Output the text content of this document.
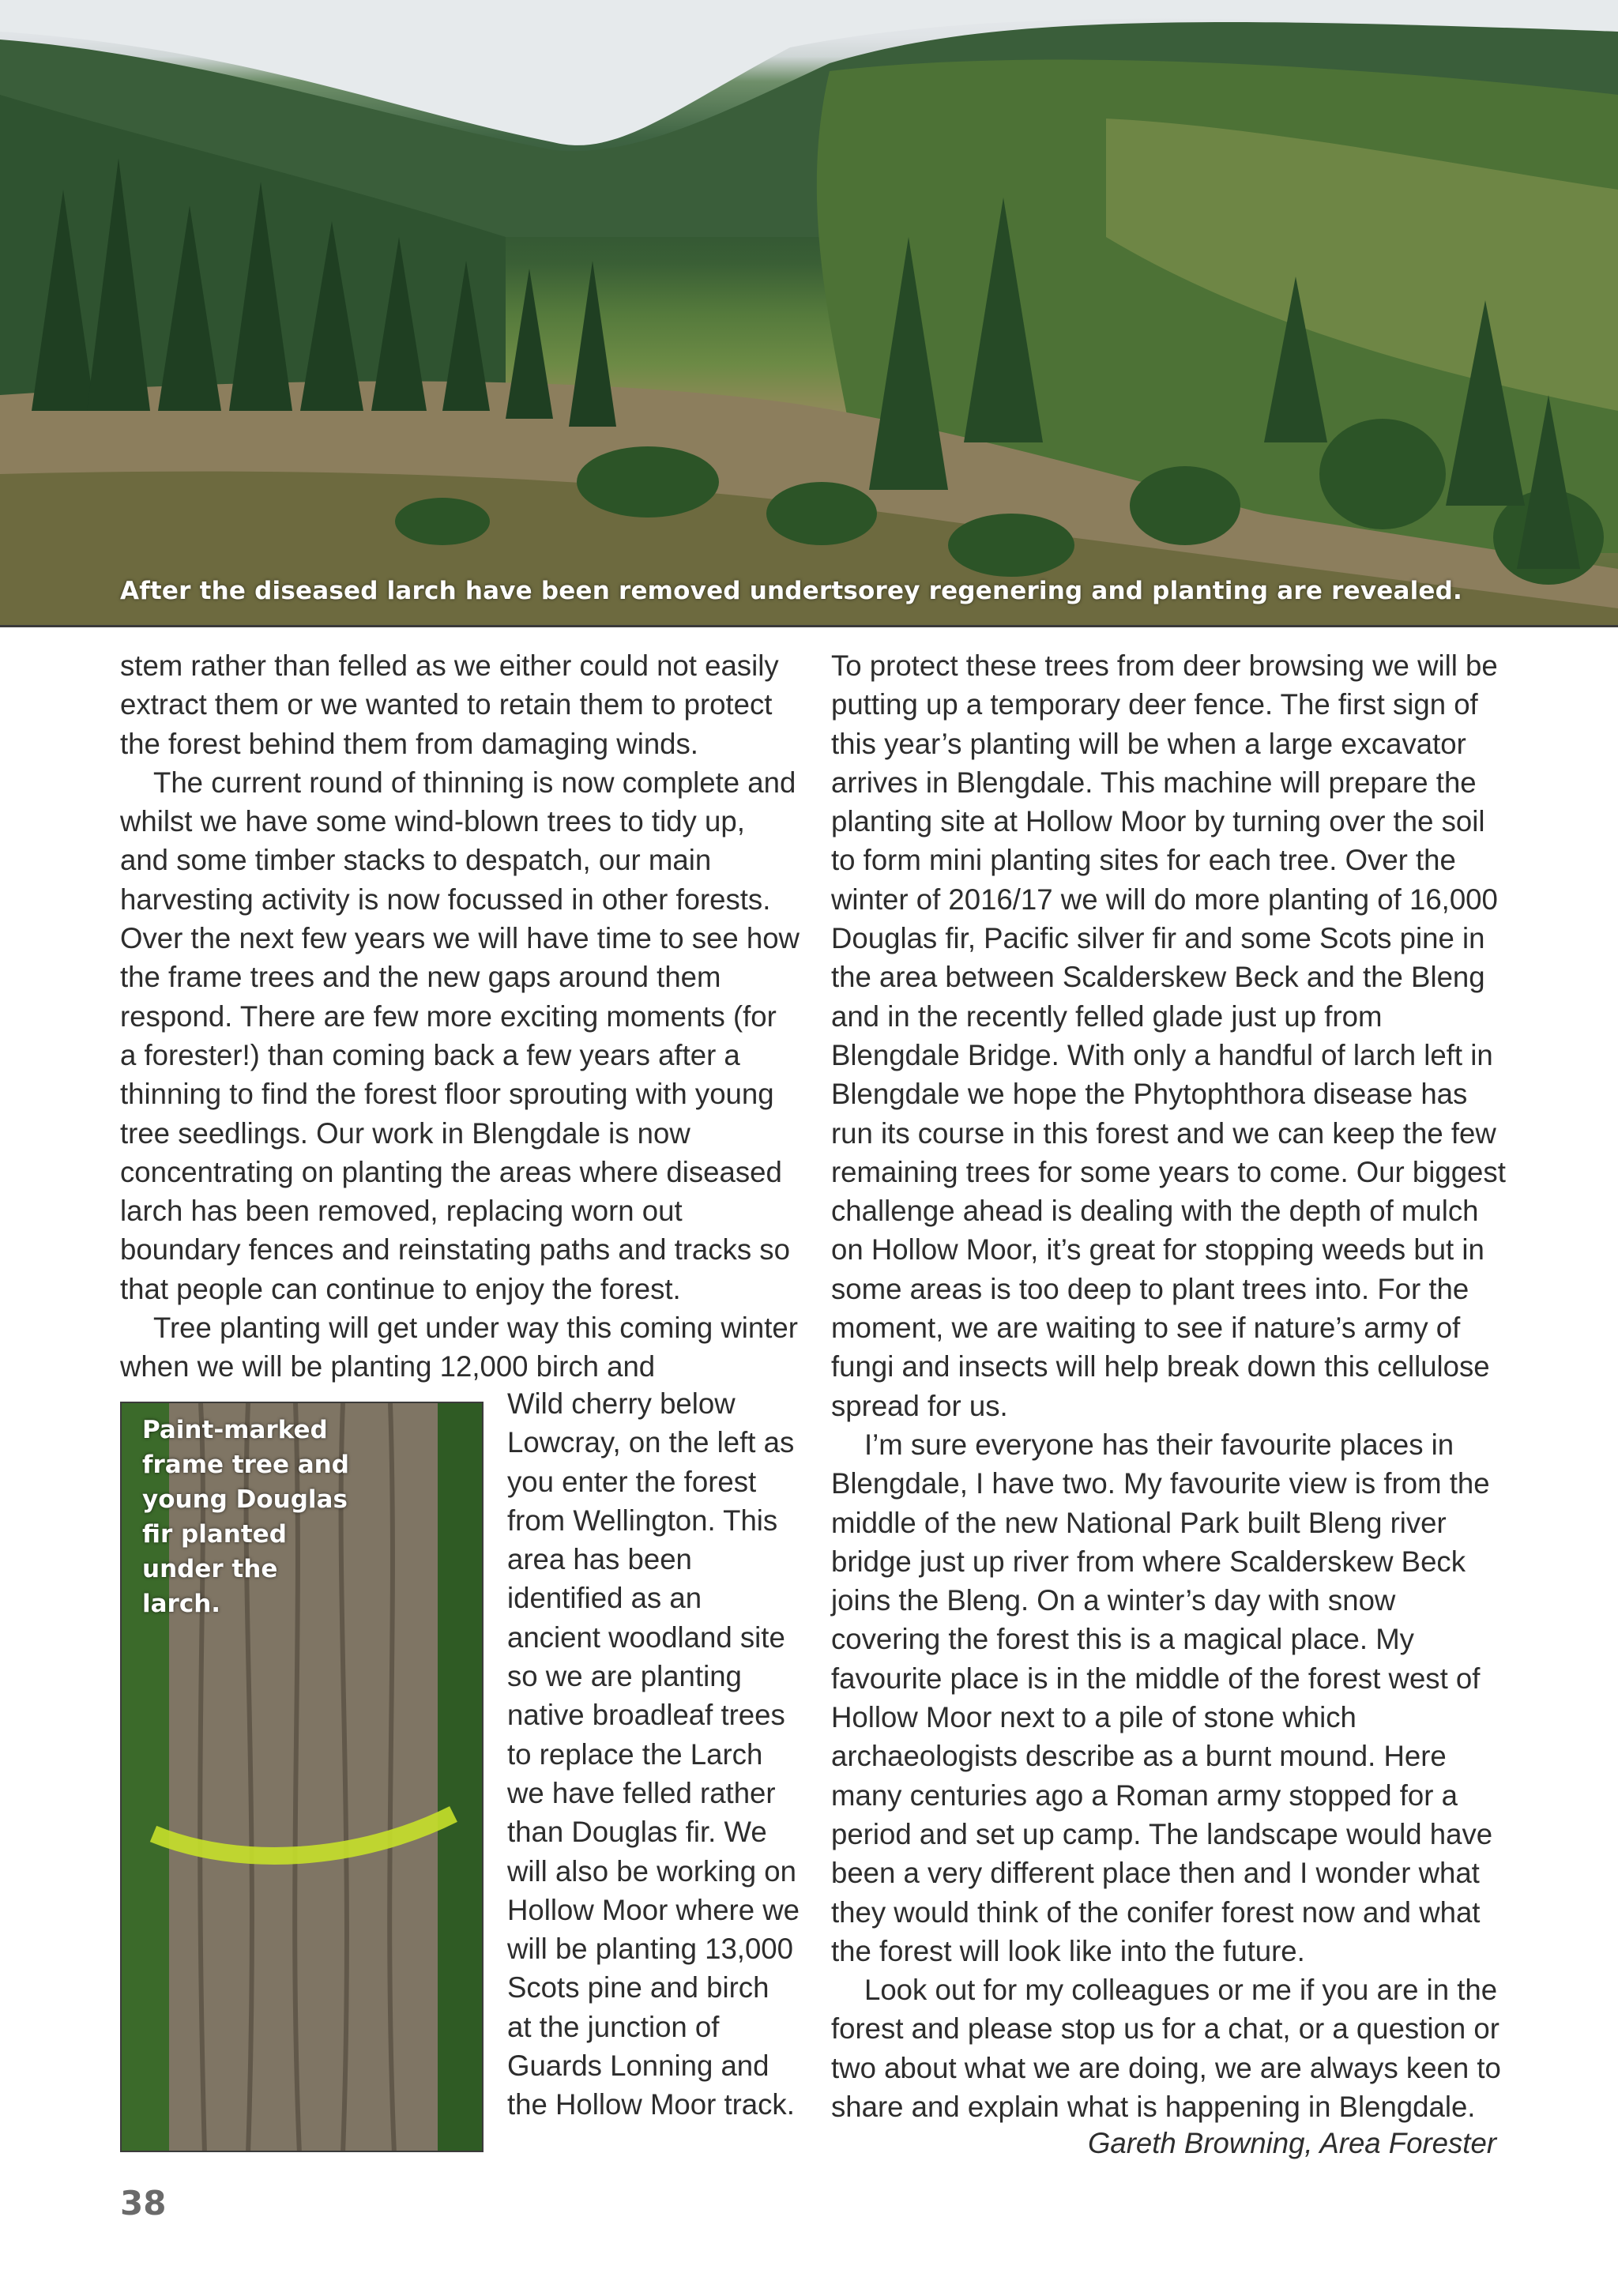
After the diseased larch have been removed undertsorey regenering and planting are revealed.

stem rather than felled as we either could not easily extract them or we wanted to retain them to protect the forest behind them from damaging winds.

The current round of thinning is now complete and whilst we have some wind-blown trees to tidy up, and some timber stacks to despatch, our main harvesting activity is now focussed in other forests. Over the next few years we will have time to see how the frame trees and the new gaps around them respond. There are few more exciting moments (for a forester!) than coming back a few years after a thinning to find the forest floor sprouting with young tree seedlings. Our work in Blengdale is now concentrating on planting the areas where diseased larch has been removed, replacing worn out boundary fences and reinstating paths and tracks so that people can continue to enjoy the forest.

Tree planting will get under way this coming winter when we will be planting 12,000 birch and

Paint-marked frame tree and young Douglas fir planted under the larch.

Wild cherry below Lowcray, on the left as you enter the forest from Wellington. This area has been identified as an ancient woodland site so we are planting native broadleaf trees to replace the Larch we have felled rather than Douglas fir. We will also be working on Hollow Moor where we will be planting 13,000 Scots pine and birch at the junction of Guards Lonning and the Hollow Moor track.

To protect these trees from deer browsing we will be putting up a temporary deer fence. The first sign of this year’s planting will be when a large excavator arrives in Blengdale. This machine will prepare the planting site at Hollow Moor by turning over the soil to form mini planting sites for each tree. Over the winter of 2016/17 we will do more planting of 16,000 Douglas fir, Pacific silver fir and some Scots pine in the area between Scalderskew Beck and the Bleng and in the recently felled glade just up from Blengdale Bridge. With only a handful of larch left in Blengdale we hope the Phytophthora disease has run its course in this forest and we can keep the few remaining trees for some years to come. Our biggest challenge ahead is dealing with the depth of mulch on Hollow Moor, it’s great for stopping weeds but in some areas is too deep to plant trees into. For the moment, we are waiting to see if nature’s army of fungi and insects will help break down this cellulose spread for us.

I’m sure everyone has their favourite places in Blengdale, I have two. My favourite view is from the middle of the new National Park built Bleng river bridge just up river from where Scalderskew Beck joins the Bleng. On a winter’s day with snow covering the forest this is a magical place. My favourite place is in the middle of the forest west of Hollow Moor next to a pile of stone which archaeologists describe as a burnt mound. Here many centuries ago a Roman army stopped for a period and set up camp. The landscape would have been a very different place then and I wonder what they would think of the conifer forest now and what the forest will look like into the future.

Look out for my colleagues or me if you are in the forest and please stop us for a chat, or a question or two about what we are doing, we are always keen to share and explain what is happening in Blengdale.

Gareth Browning, Area Forester
38
